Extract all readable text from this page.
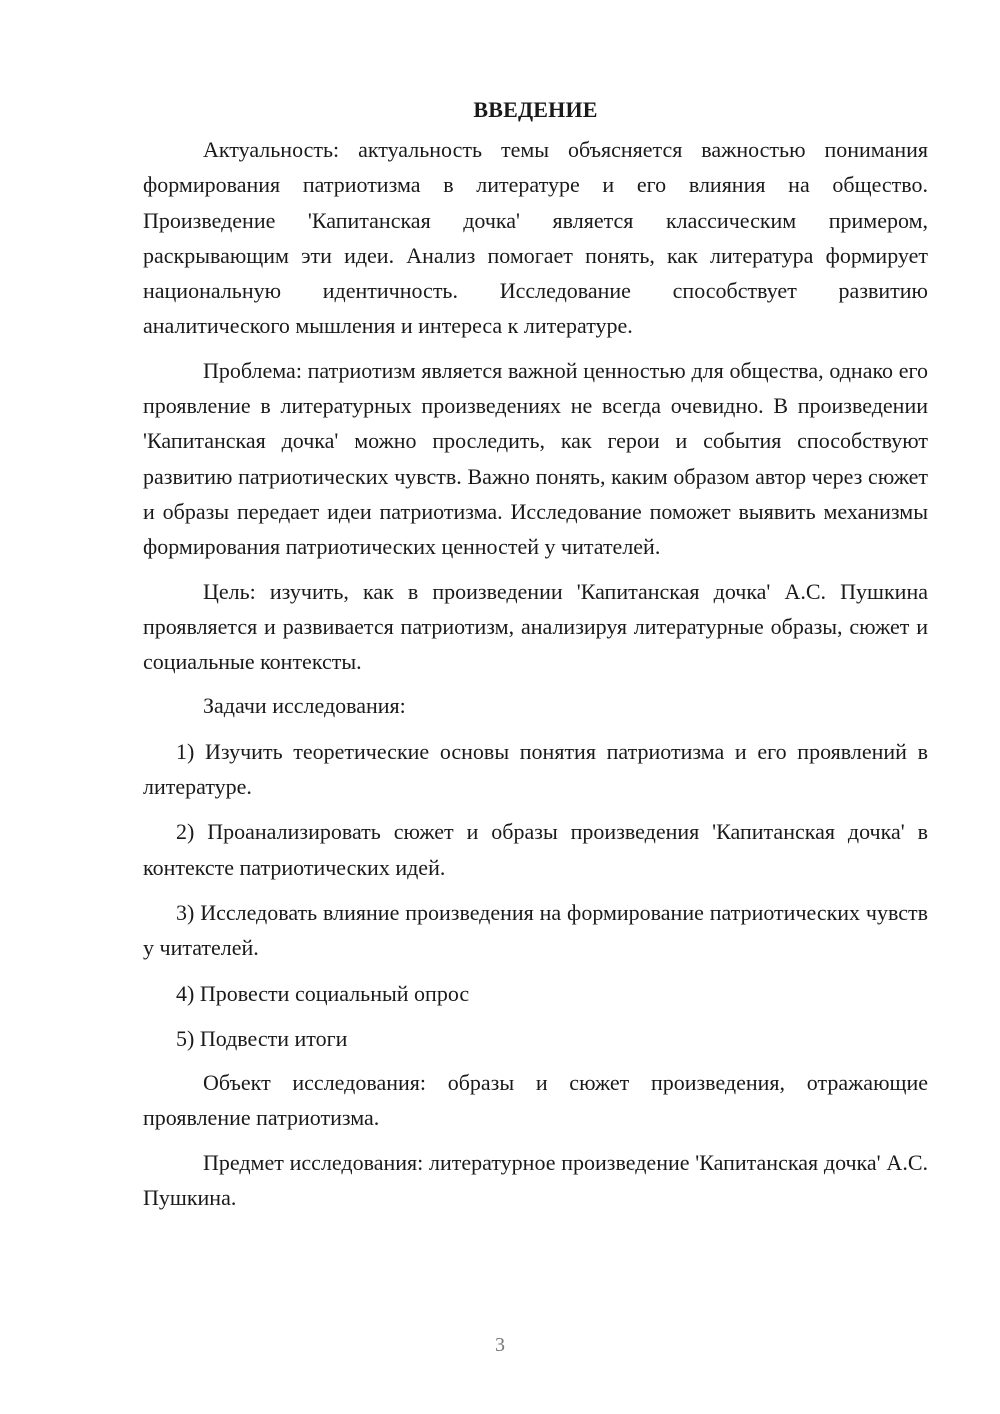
ВВЕДЕНИЕ

Актуальность: актуальность темы объясняется важностью понимания формирования патриотизма в литературе и его влияния на общество. Произведение 'Капитанская дочка' является классическим примером, раскрывающим эти идеи. Анализ помогает понять, как литература формирует национальную идентичность. Исследование способствует развитию аналитического мышления и интереса к литературе.

Проблема: патриотизм является важной ценностью для общества, однако его проявление в литературных произведениях не всегда очевидно. В произведении 'Капитанская дочка' можно проследить, как герои и события способствуют развитию патриотических чувств. Важно понять, каким образом автор через сюжет и образы передает идеи патриотизма. Исследование поможет выявить механизмы формирования патриотических ценностей у читателей.

Цель: изучить, как в произведении 'Капитанская дочка' А.С. Пушкина проявляется и развивается патриотизм, анализируя литературные образы, сюжет и социальные контексты.

Задачи исследования:

1) Изучить теоретические основы понятия патриотизма и его проявлений в литературе.

2) Проанализировать сюжет и образы произведения 'Капитанская дочка' в контексте патриотических идей.

3) Исследовать влияние произведения на формирование патриотических чувств у читателей.

4) Провести социальный опрос

5) Подвести итоги

Объект исследования: образы и сюжет произведения, отражающие проявление патриотизма.

Предмет исследования: литературное произведение 'Капитанская дочка' А.С. Пушкина.

3
